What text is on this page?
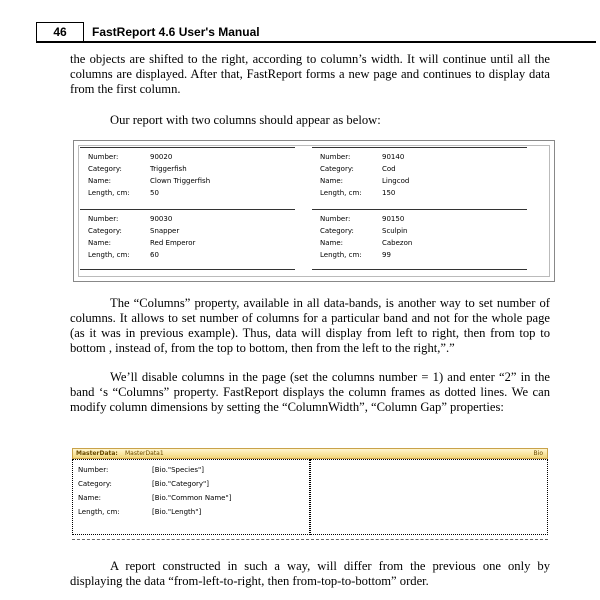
46	FastReport 4.6 User's Manual
the objects are shifted to the right, according to column’s width. It will continue until all the columns are displayed. After that, FastReport forms a new page and continues to display data from the first column.
Our report with two columns should appear as below:
Number:	90020
Category:	Triggerfish
Name:	Clown Triggerfish
Length, cm:	50
Number:	90030
Category:	Snapper
Name:	Red Emperor
Length, cm:	60
Number:	90140
Category:	Cod
Name:	Lingcod
Length, cm:	150
Number:	90150
Category:	Sculpin
Name:	Cabezon
Length, cm:	99
The “Columns” property, available in all data-bands, is another way to set number of columns. It allows to set number of columns for a particular band and not for the whole page (as it was in previous example). Thus, data will display from left to right, then from top to bottom , instead of, from the top to bottom, then from the left to the right,”.”
We’ll disable columns in the page (set the columns number = 1) and enter “2” in the band ‘s “Columns” property. FastReport displays the column frames as dotted lines. We can modify column dimensions by setting the “ColumnWidth”, “Column Gap” properties:
MasterData: MasterData1	Bio
Number:	[Bio."Species"]
Category:	[Bio."Category"]
Name:	[Bio."Common Name"]
Length, cm:	[Bio."Length"]
A report constructed in such a way, will differ from the previous one only by displaying the data “from-left-to-right, then from-top-to-bottom” order.
